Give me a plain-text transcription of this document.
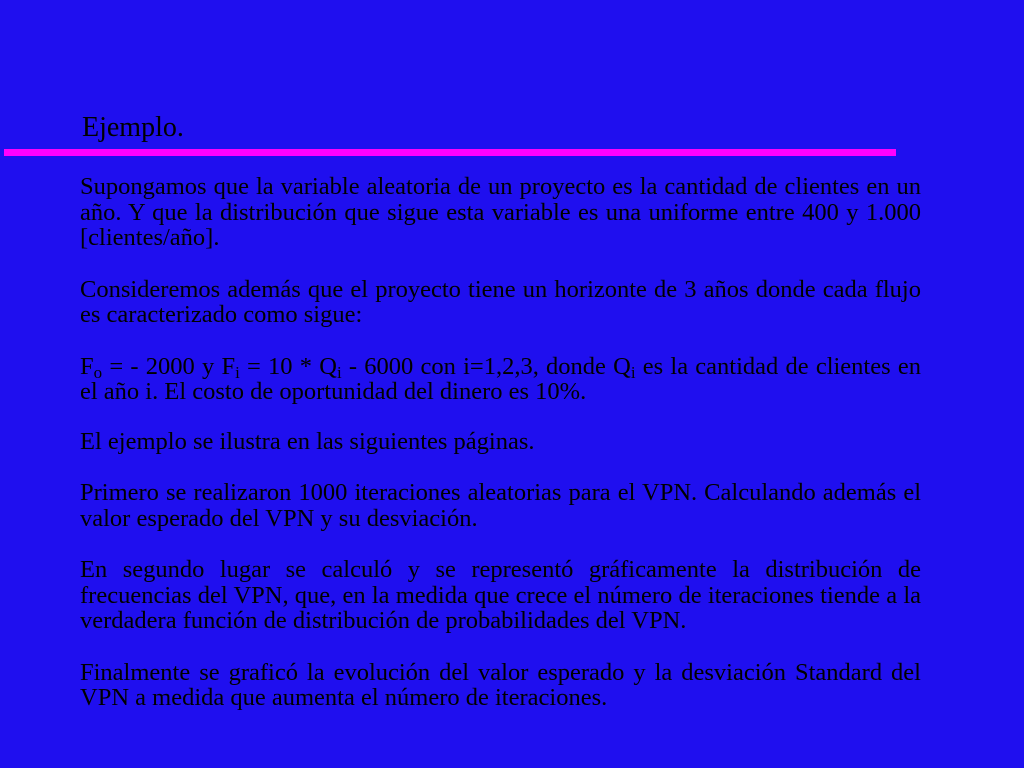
Ejemplo.

Supongamos que la variable aleatoria de un proyecto es la cantidad de clientes en un año. Y que la distribución que sigue esta variable es una uniforme entre 400 y 1.000 [clientes/año].

Consideremos además que el proyecto tiene un horizonte de 3 años donde cada flujo es caracterizado como sigue:

$F_o$ = - 2000 y $F_i = 10 * Q_i - 6000$ con i=1,2,3, donde $Q_i$ es la cantidad de clientes en el año i. El costo de oportunidad del dinero es 10%.

El ejemplo se ilustra en las siguientes páginas.

Primero se realizaron 1000 iteraciones aleatorias para el VPN. Calculando además el valor esperado del VPN y su desviación.

En segundo lugar se calculó y se representó gráficamente la distribución de frecuencias del VPN, que, en la medida que crece el número de iteraciones tiende a la verdadera función de distribución de probabilidades del VPN.

Finalmente se graficó la evolución del valor esperado y la desviación Standard del VPN a medida que aumenta el número de iteraciones.
